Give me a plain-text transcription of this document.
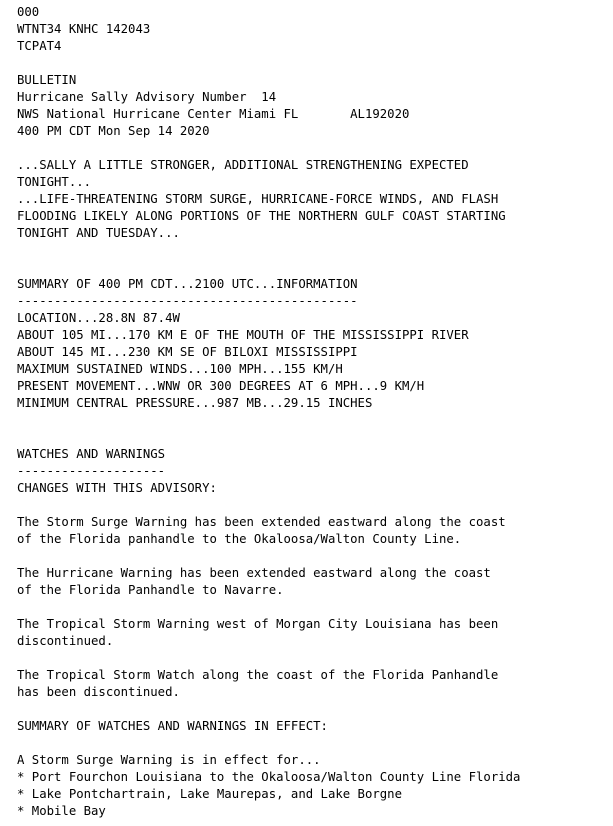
000
WTNT34 KNHC 142043
TCPAT4
BULLETIN
Hurricane Sally Advisory Number  14
NWS National Hurricane Center Miami FL       AL192020
400 PM CDT Mon Sep 14 2020
...SALLY A LITTLE STRONGER, ADDITIONAL STRENGTHENING EXPECTED
TONIGHT...
...LIFE-THREATENING STORM SURGE, HURRICANE-FORCE WINDS, AND FLASH
FLOODING LIKELY ALONG PORTIONS OF THE NORTHERN GULF COAST STARTING
TONIGHT AND TUESDAY...
SUMMARY OF 400 PM CDT...2100 UTC...INFORMATION
----------------------------------------------
LOCATION...28.8N 87.4W
ABOUT 105 MI...170 KM E OF THE MOUTH OF THE MISSISSIPPI RIVER
ABOUT 145 MI...230 KM SE OF BILOXI MISSISSIPPI
MAXIMUM SUSTAINED WINDS...100 MPH...155 KM/H
PRESENT MOVEMENT...WNW OR 300 DEGREES AT 6 MPH...9 KM/H
MINIMUM CENTRAL PRESSURE...987 MB...29.15 INCHES
WATCHES AND WARNINGS
--------------------
CHANGES WITH THIS ADVISORY:
The Storm Surge Warning has been extended eastward along the coast
of the Florida panhandle to the Okaloosa/Walton County Line.
The Hurricane Warning has been extended eastward along the coast
of the Florida Panhandle to Navarre.
The Tropical Storm Warning west of Morgan City Louisiana has been
discontinued.
The Tropical Storm Watch along the coast of the Florida Panhandle
has been discontinued.
SUMMARY OF WATCHES AND WARNINGS IN EFFECT:
A Storm Surge Warning is in effect for...
* Port Fourchon Louisiana to the Okaloosa/Walton County Line Florida
* Lake Pontchartrain, Lake Maurepas, and Lake Borgne
* Mobile Bay
